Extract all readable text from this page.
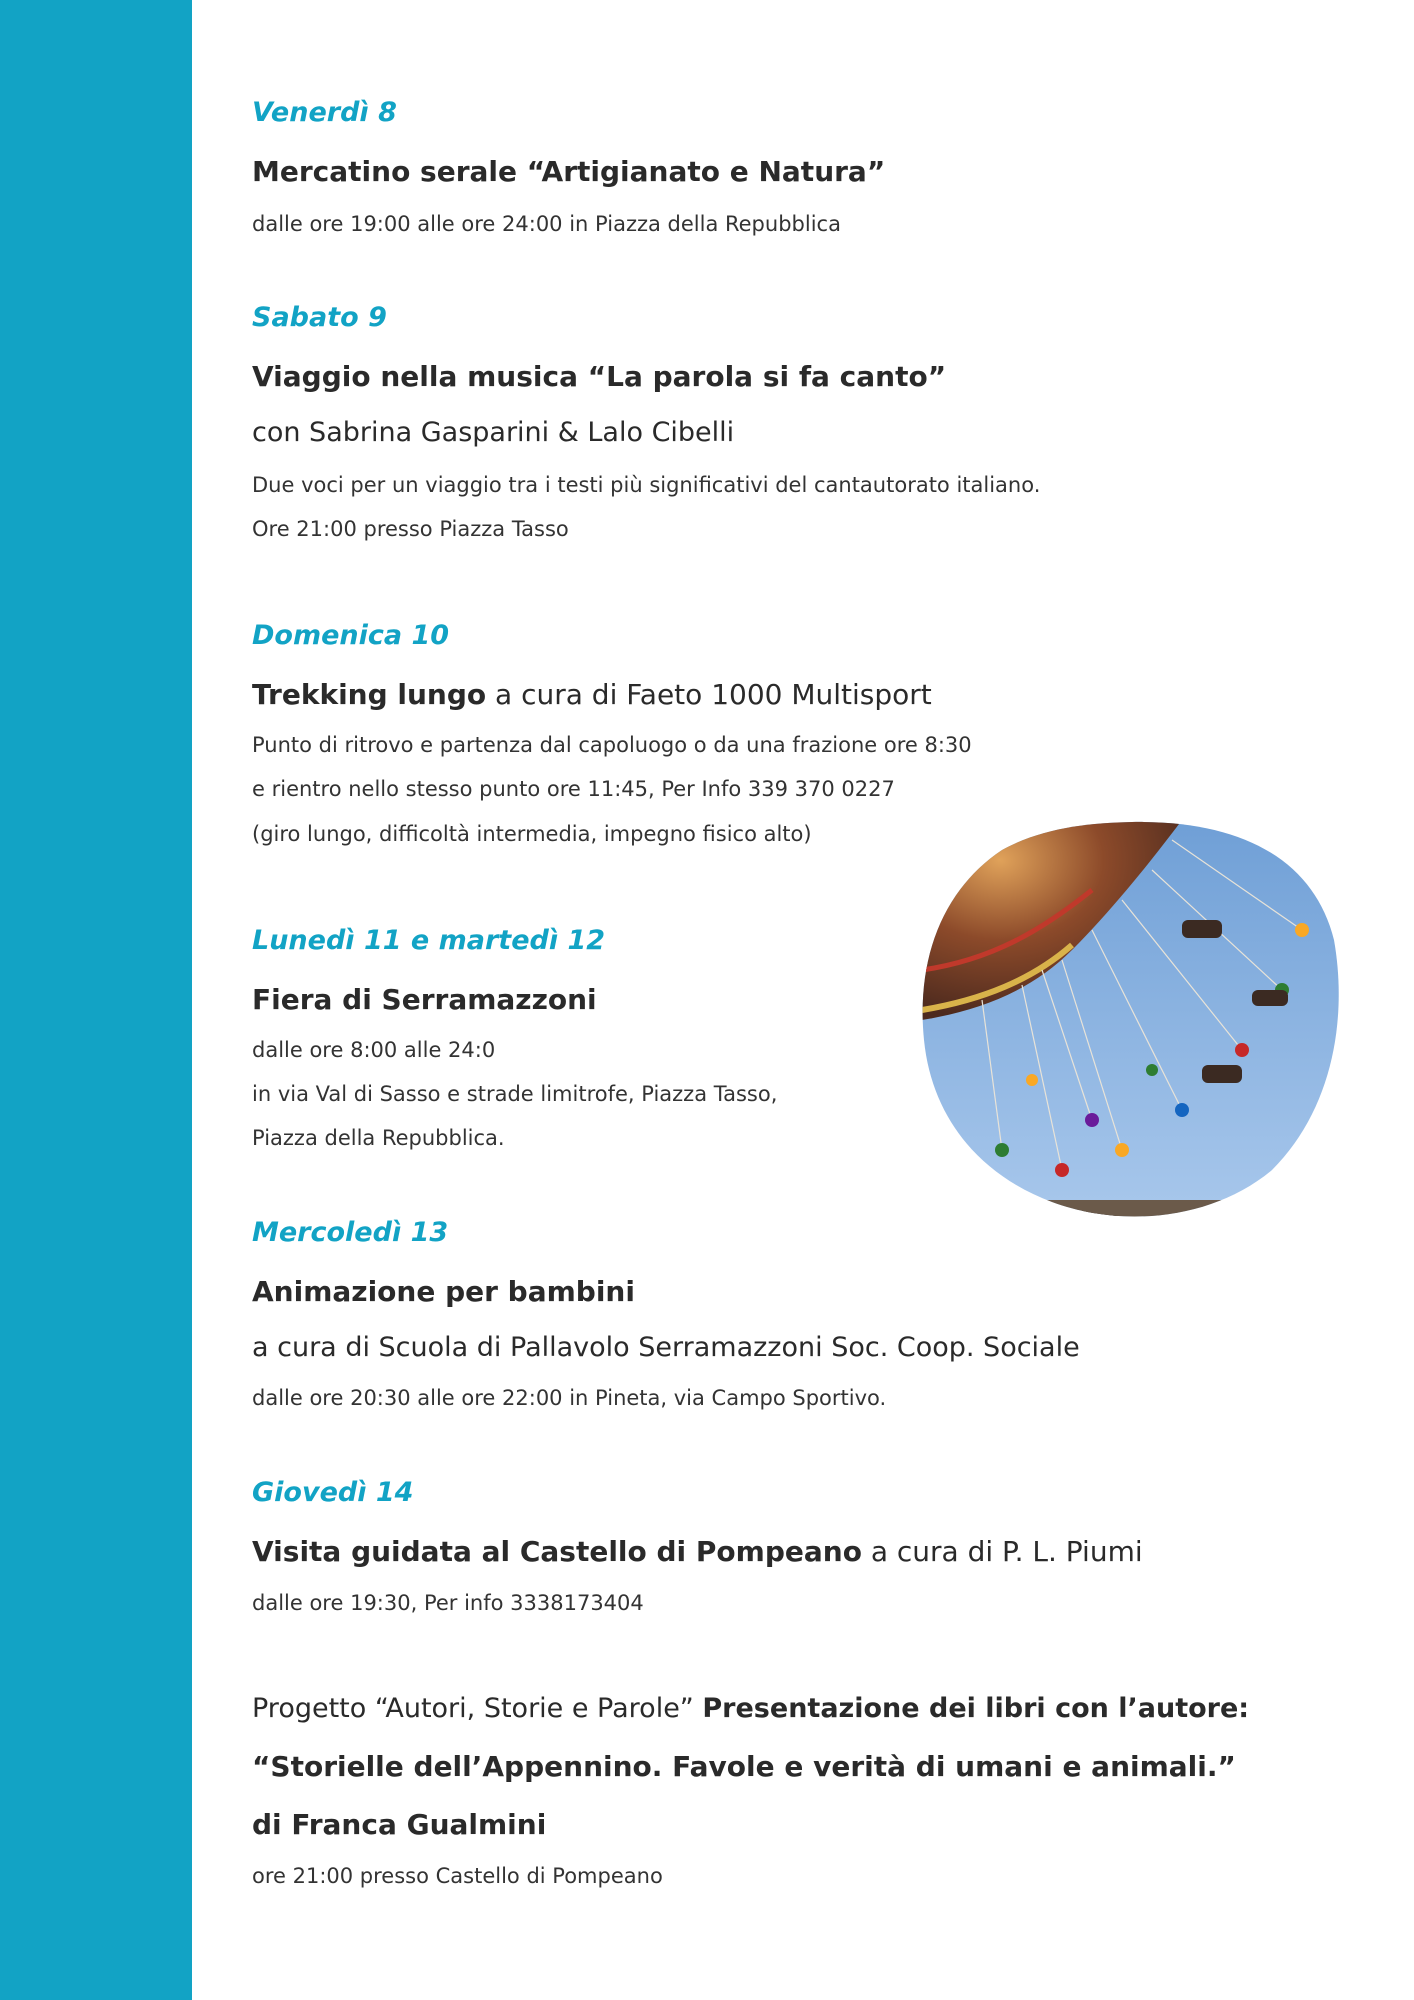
Venerdì 8
Mercatino serale “Artigianato e Natura”
dalle ore 19:00 alle ore 24:00 in Piazza della Repubblica
Sabato 9
Viaggio nella musica “La parola si fa canto”
con Sabrina Gasparini & Lalo Cibelli
Due voci per un viaggio tra i testi più significativi del cantautorato italiano.
Ore 21:00 presso Piazza Tasso
Domenica 10
Trekking lungo a cura di Faeto 1000 Multisport
Punto di ritrovo e partenza dal capoluogo o da una frazione ore 8:30
e rientro nello stesso punto ore 11:45, Per Info 339 370 0227
(giro lungo, difficoltà intermedia, impegno fisico alto)
Lunedì 11 e martedì 12
Fiera di Serramazzoni
dalle ore 8:00 alle 24:0
in via Val di Sasso e strade limitrofe, Piazza Tasso,
Piazza della Repubblica.
Mercoledì 13
Animazione per bambini
a cura di Scuola di Pallavolo Serramazzoni Soc. Coop. Sociale
dalle ore 20:30 alle ore 22:00 in Pineta, via Campo Sportivo.
Giovedì 14
Visita guidata al Castello di Pompeano a cura di P. L. Piumi
dalle ore 19:30, Per info 3338173404
Progetto “Autori, Storie e Parole” Presentazione dei libri con l’autore:
“Storielle dell’Appennino. Favole e verità di umani e animali.”
di Franca Gualmini
ore 21:00 presso Castello di Pompeano
